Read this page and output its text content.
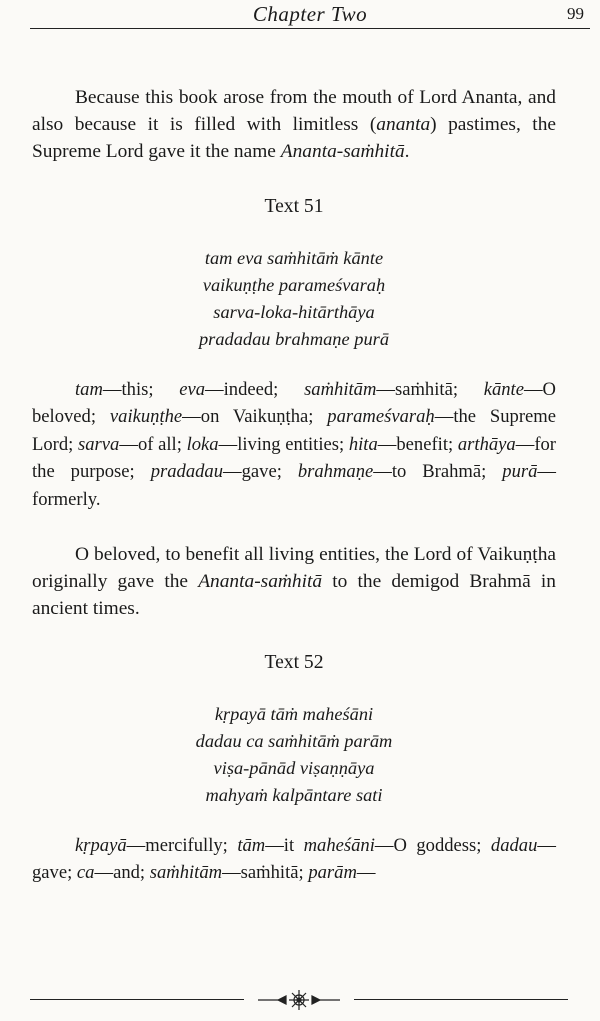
Chapter Two	99

Because this book arose from the mouth of Lord Ananta, and also because it is filled with limitless (ananta) pastimes, the Supreme Lord gave it the name Ananta-saṁhitā.

Text 51

tam eva saṁhitāṁ kānte
vaikuṇṭhe parameśvaraḥ
sarva-loka-hitārthāya
pradadau brahmaṇe purā

tam—this; eva—indeed; saṁhitām—saṁhitā; kānte—O beloved; vaikuṇṭhe—on Vaikuṇṭha; parameśvaraḥ—the Supreme Lord; sarva—of all; loka—living entities; hita—benefit; arthāya—for the purpose; pradadau—gave; brahmaṇe—to Brahmā; purā—formerly.

O beloved, to benefit all living entities, the Lord of Vaikuṇṭha originally gave the Ananta-saṁhitā to the demigod Brahmā in ancient times.

Text 52

kṛpayā tāṁ maheśāni
dadau ca saṁhitāṁ parām
viṣa-pānād viṣaṇṇāya
mahyaṁ kalpāntare sati

kṛpayā—mercifully; tām—it maheśāni—O goddess; dadau—gave; ca—and; saṁhitām—saṁhitā; parām—
